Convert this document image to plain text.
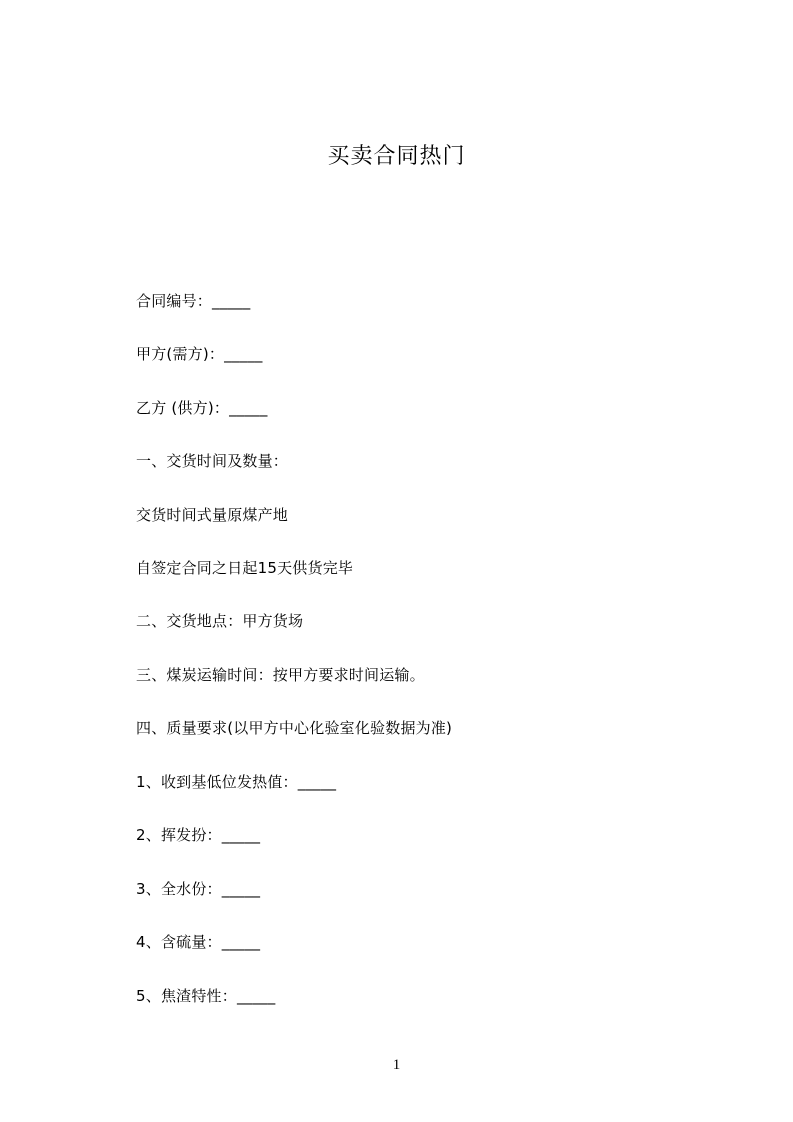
买卖合同热门
合同编号：_____
甲方(需方)：_____
乙方 (供方)：_____
一、交货时间及数量：
交货时间式量原煤产地
自签定合同之日起15天供货完毕
二、交货地点：甲方货场
三、煤炭运输时间：按甲方要求时间运输。
四、质量要求(以甲方中心化验室化验数据为准)
1、收到基低位发热值：_____
2、挥发扮：_____
3、全水份：_____
4、含硫量：_____
5、焦渣特性：_____
1
